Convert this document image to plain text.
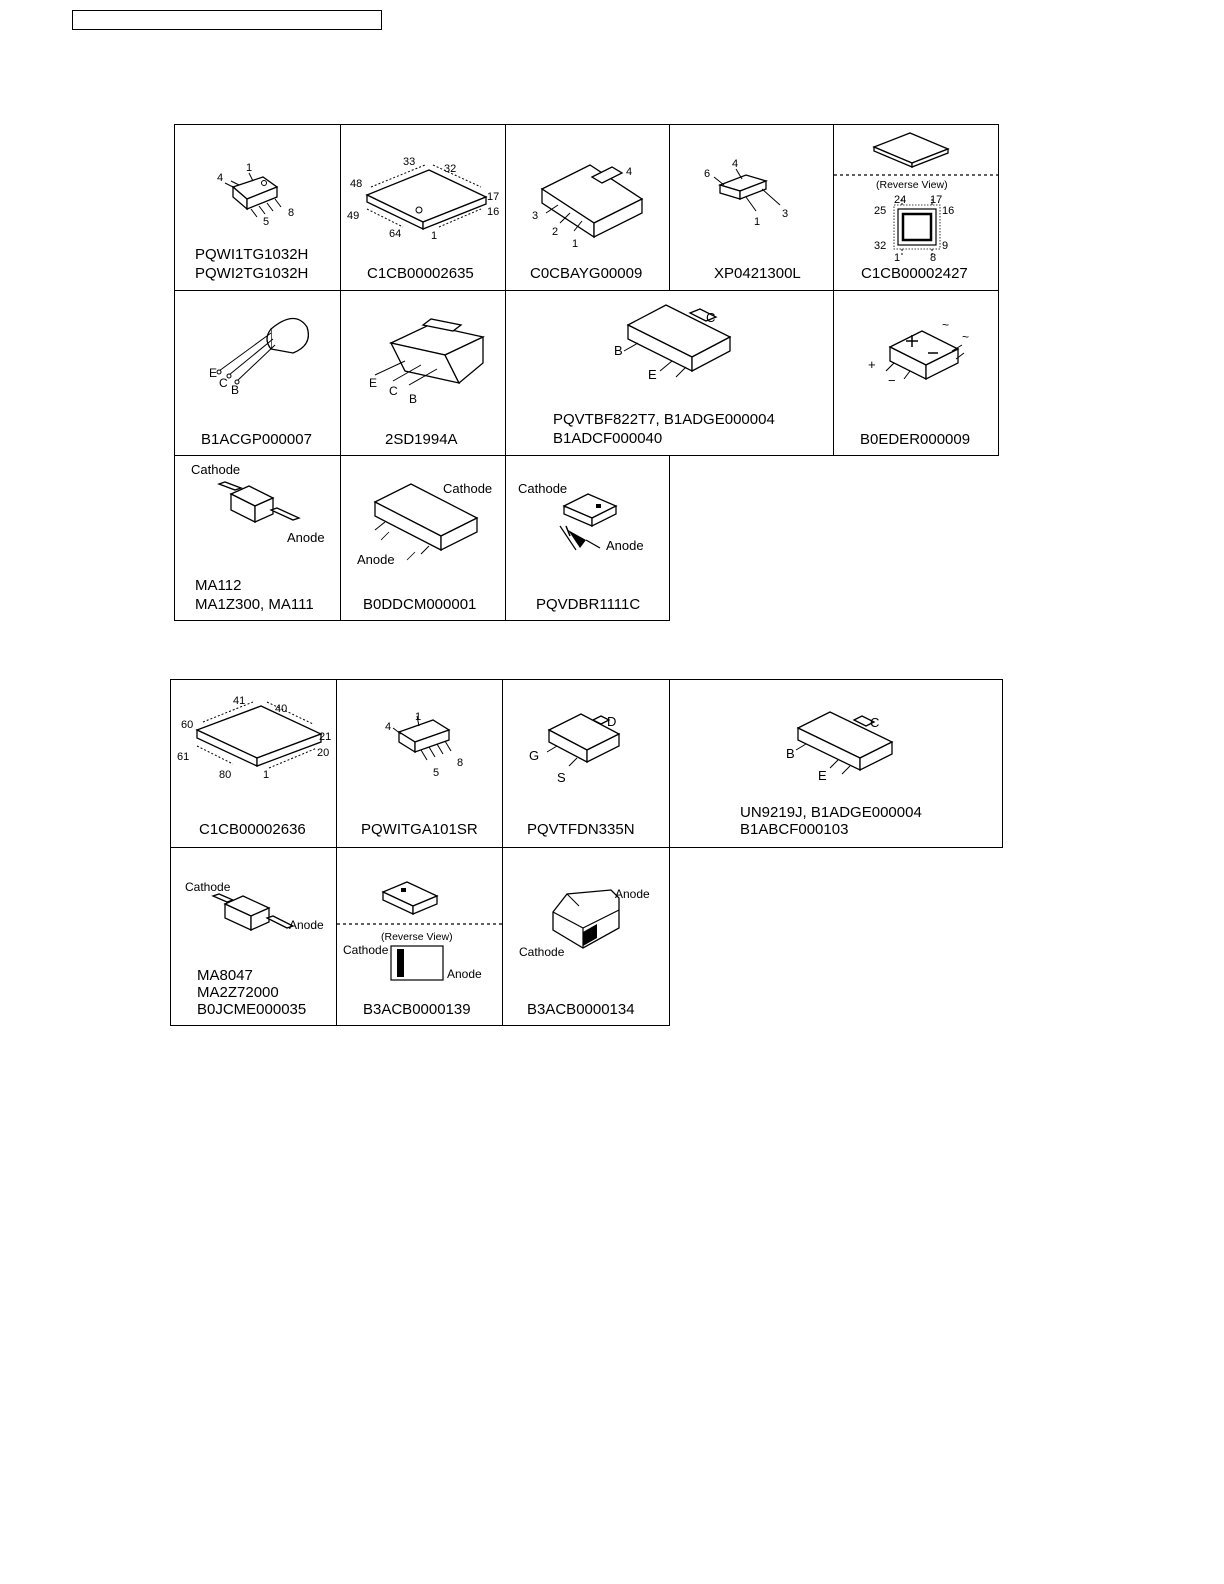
1
4
5
8
PQWI1TG1032H
PQWI2TG1032H
33
32
48
17
49	16
64	1
C1CB00002635
4
3
2
1
C0CBAYG00009
6
4
1
3
XP0421300L
(Reverse View)
24 17
25	16
32	9
1	8
C1CB00002427
E
C B
B1ACGP000007
E
C
B
2SD1994A
C
B
E
PQVTBF822T7, B1ADGE000004
B1ADCF000040
~
~
+
−
B0EDER000009
Cathode
Anode
MA112
MA1Z300, MA111
Cathode
Anode
B0DDCM000001
Cathode
Anode
PQVDBR1111C
41
40
60
21
61	20
80	1
C1CB00002636
4
1
5
8
PQWITGA101SR
D
G
S
PQVTFDN335N
C
B
E
UN9219J, B1ADGE000004
B1ABCF000103
Cathode
Anode
MA8047
MA2Z72000
B0JCME000035
(Reverse View)
Cathode
Anode
B3ACB0000139
Anode
Cathode
B3ACB0000134
